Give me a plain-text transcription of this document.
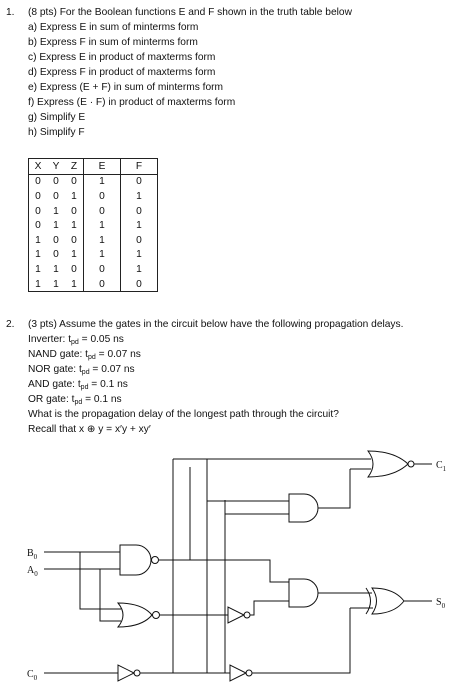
1. (8 pts) For the Boolean functions E and F shown in the truth table below
a) Express E in sum of minterms form
b) Express F in sum of minterms form
c) Express E in product of maxterms form
d) Express F in product of maxterms form
e) Express (E + F) in sum of minterms form
f) Express (E · F) in product of maxterms form
g) Simplify E
h) Simplify F
X	Y	Z	E	F
0	0	0	1	0
0	0	1	0	1
0	1	0	0	0
0	1	1	1	1
1	0	0	1	0
1	0	1	1	1
1	1	0	0	1
1	1	1	0	0
2. (3 pts) Assume the gates in the circuit below have the following propagation delays.
Inverter: $t_{pd} = 0.05$ ns
NAND gate: $t_{pd} = 0.07$ ns
NOR gate: $t_{pd} = 0.07$ ns
AND gate: $t_{pd} = 0.1$ ns
OR gate: $t_{pd} = 0.1$ ns
What is the propagation delay of the longest path through the circuit?
Recall that x ⊕ y = x′y + xy′
$B_0$
$A_0$
$C_0$
$C_1$
$S_0$
